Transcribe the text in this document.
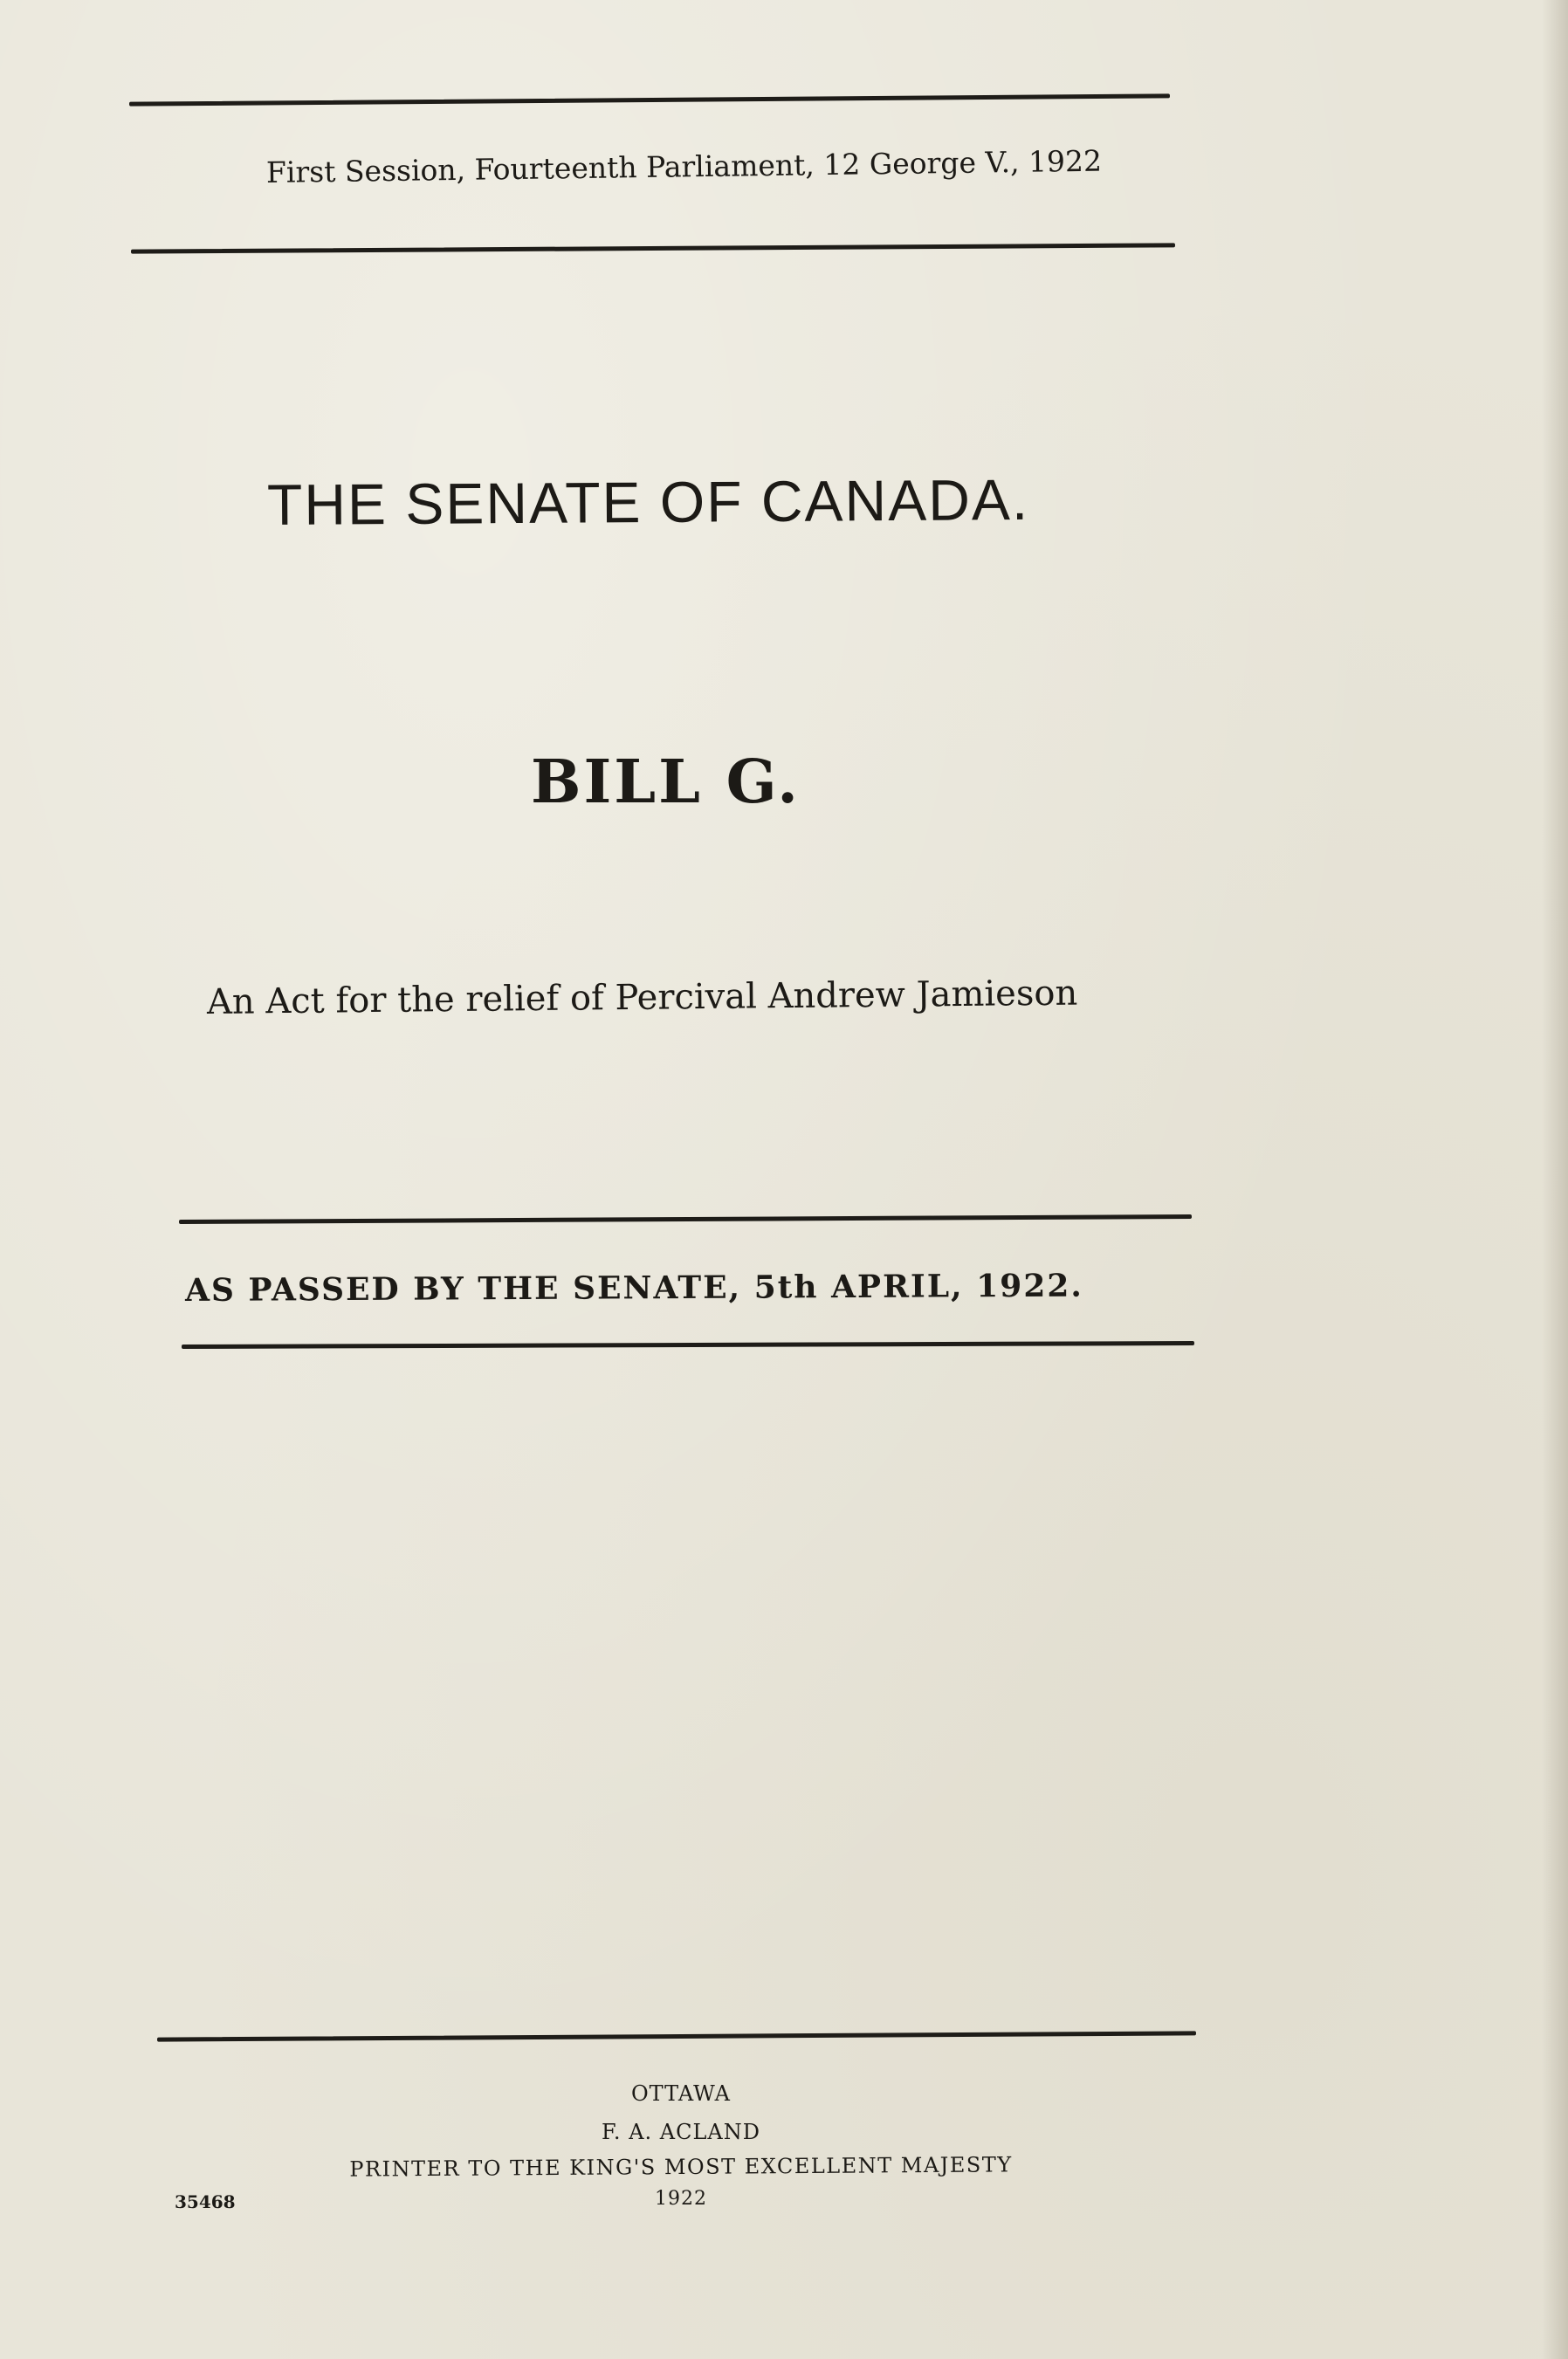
First Session, Fourteenth Parliament, 12 George V., 1922
THE SENATE OF CANADA.
BILL G.
An Act for the relief of Percival Andrew Jamieson
AS PASSED BY THE SENATE, 5th APRIL, 1922.
OTTAWA
F. A. ACLAND
PRINTER TO THE KING'S MOST EXCELLENT MAJESTY
1922
35468
